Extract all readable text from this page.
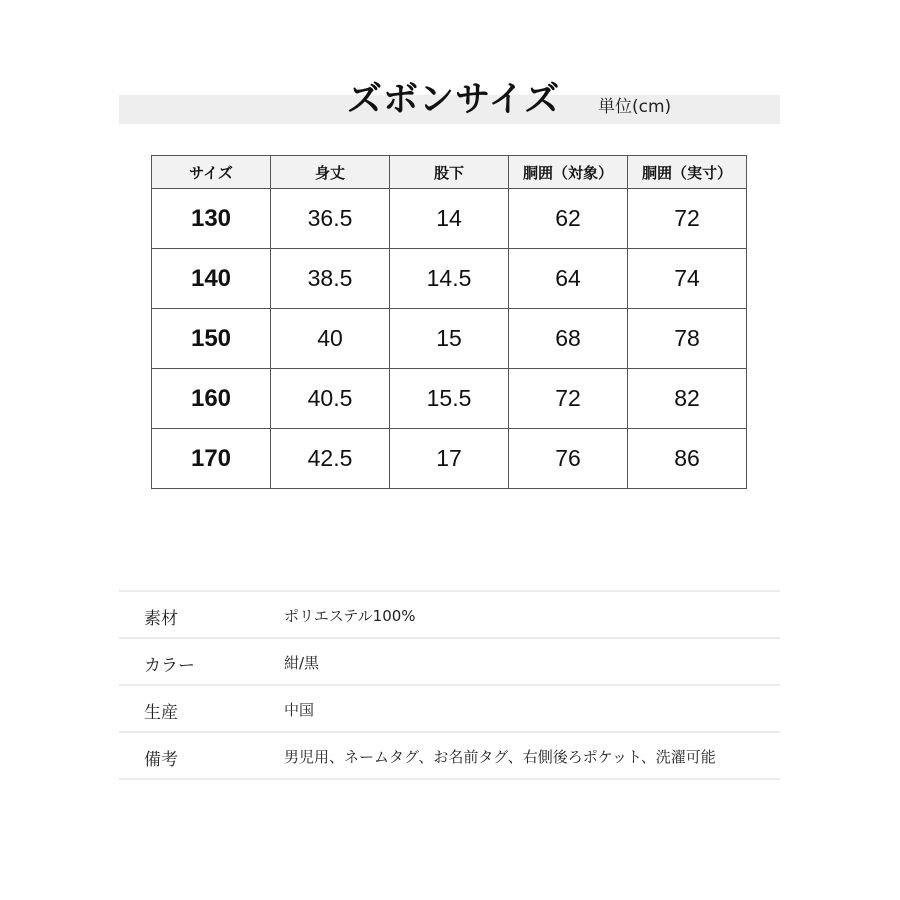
ズボンサイズ 単位(cm)
サイズ	身丈	股下	胴囲（対象）	胴囲（実寸）
130	36.5	14	62	72
140	38.5	14.5	64	74
150	40	15	68	78
160	40.5	15.5	72	82
170	42.5	17	76	86
素材	ポリエステル100%
カラー	紺/黒
生産	中国
備考	男児用、ネームタグ、お名前タグ、右側後ろポケット、洗濯可能
